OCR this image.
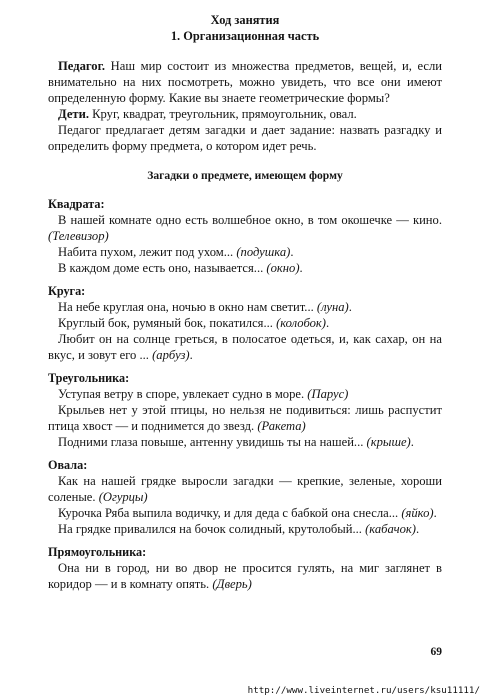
Ход занятия
1. Организационная часть

Педагог. Наш мир состоит из множества предметов, вещей, и, если внимательно на них посмотреть, можно увидеть, что все они имеют определенную форму. Какие вы знаете геометрические формы?

Дети. Круг, квадрат, треугольник, прямоугольник, овал.

Педагог предлагает детям загадки и дает задание: назвать разгадку и определить форму предмета, о котором идет речь.

Загадки о предмете, имеющем форму
Квадрата:

В нашей комнате одно есть волшебное окно, в том окошечке — кино. (Телевизор)

Набита пухом, лежит под ухом... (подушка).

В каждом доме есть оно, называется... (окно).

Круга:

На небе круглая она, ночью в окно нам светит... (луна).

Круглый бок, румяный бок, покатился... (колобок).

Любит он на солнце греться, в полосатое одеться, и, как сахар, он на вкус, и зовут его ... (арбуз).

Треугольника:

Уступая ветру в споре, увлекает судно в море. (Парус)

Крыльев нет у этой птицы, но нельзя не подивиться: лишь распустит птица хвост — и поднимется до звезд. (Ракета)

Подними глаза повыше, антенну увидишь ты на нашей... (крыше).

Овала:

Как на нашей грядке выросли загадки — крепкие, зеленые, хороши соленые. (Огурцы)

Курочка Ряба выпила водичку, и для деда с бабкой она снесла... (яйко).

На грядке привалился на бочок солидный, крутолобый... (кабачок).

Прямоугольника:

Она ни в город, ни во двор не просится гулять, на миг заглянет в коридор — и в комнату опять. (Дверь)

69
http://www.liveinternet.ru/users/ksu11111/
